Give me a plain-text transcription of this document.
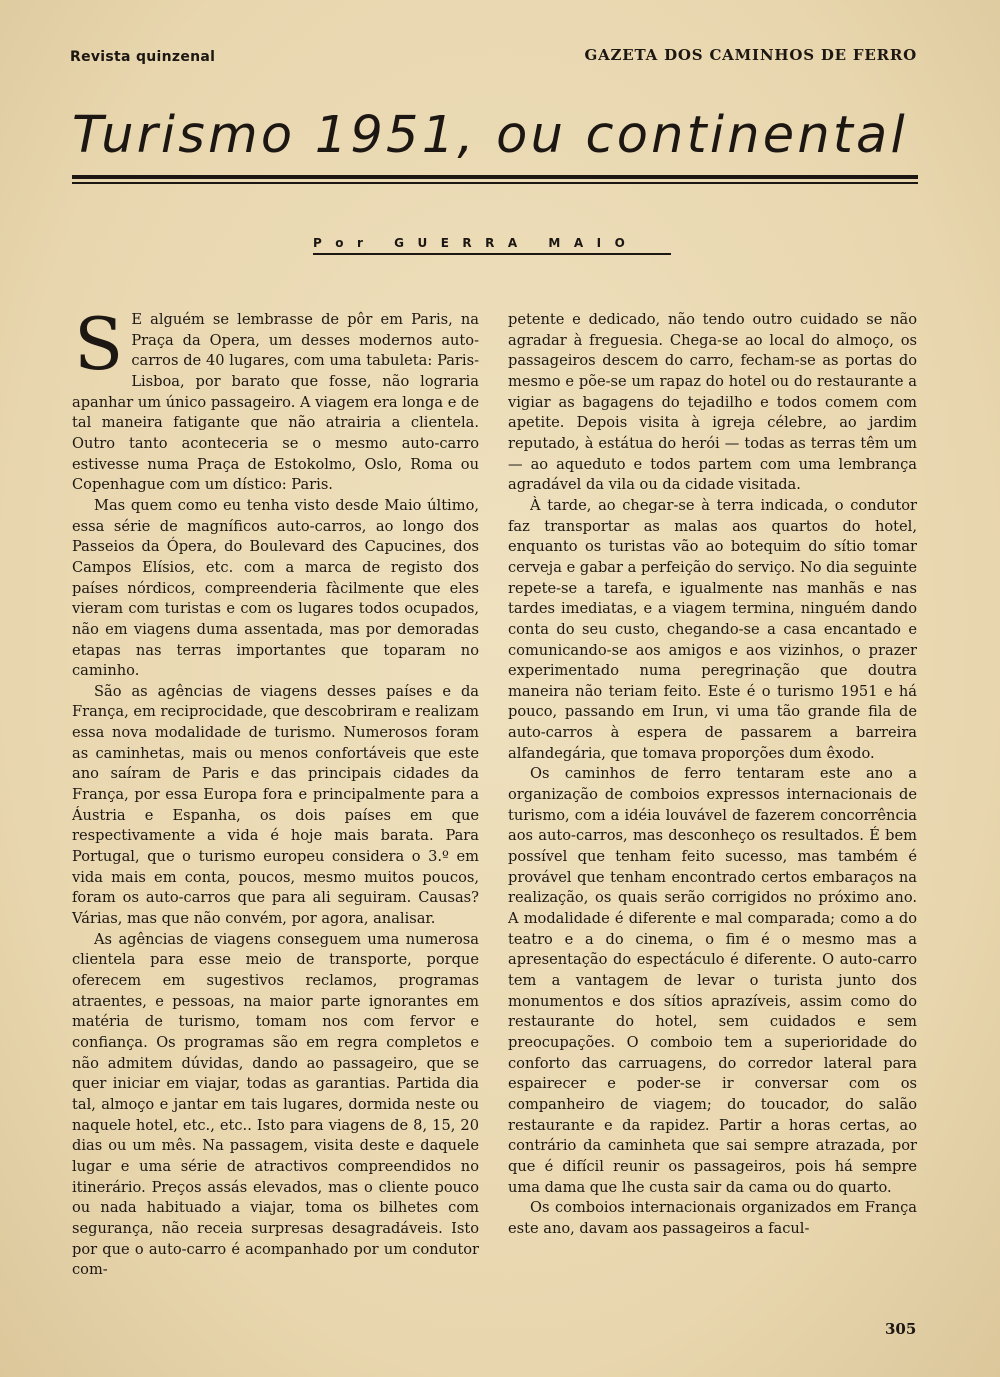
Revista quinzenal	GAZETA DOS CAMINHOS DE FERRO
Turismo 1951, ou continental
Por GUERRA MAIO

S E alguém se lembrasse de pôr em Paris, na Praça da Opera, um desses modernos auto-carros de 40 lugares, com uma tabuleta: Paris-Lisboa, por barato que fosse, não lograria apanhar um único passageiro. A viagem era longa e de tal maneira fatigante que não atrairia a clientela. Outro tanto aconteceria se o mesmo auto-carro estivesse numa Praça de Estokolmo, Oslo, Roma ou Copenhague com um dístico: Paris.

Mas quem como eu tenha visto desde Maio último, essa série de magníficos auto-carros, ao longo dos Passeios da Ópera, do Boulevard des Capucines, dos Campos Elísios, etc. com a marca de registo dos países nórdicos, compreenderia fàcilmente que eles vieram com turistas e com os lugares todos ocupados, não em viagens duma assentada, mas por demoradas etapas nas terras importantes que toparam no caminho.

São as agências de viagens desses países e da França, em reciprocidade, que descobriram e realizam essa nova modalidade de turismo. Numerosos foram as caminhetas, mais ou menos confortáveis que este ano saíram de Paris e das principais cidades da França, por essa Europa fora e principalmente para a Áustria e Espanha, os dois países em que respectivamente a vida é hoje mais barata. Para Portugal, que o turismo europeu considera o 3.º em vida mais em conta, poucos, mesmo muitos poucos, foram os auto-carros que para ali seguiram. Causas? Várias, mas que não convém, por agora, analisar.

As agências de viagens conseguem uma numerosa clientela para esse meio de transporte, porque oferecem em sugestivos reclamos, programas atraentes, e pessoas, na maior parte ignorantes em matéria de turismo, tomam nos com fervor e confiança. Os programas são em regra completos e não admitem dúvidas, dando ao passageiro, que se quer iniciar em viajar, todas as garantias. Partida dia tal, almoço e jantar em tais lugares, dormida neste ou naquele hotel, etc., etc.. Isto para viagens de 8, 15, 20 dias ou um mês. Na passagem, visita deste e daquele lugar e uma série de atractivos compreendidos no itinerário. Preços assás elevados, mas o cliente pouco ou nada habituado a viajar, toma os bilhetes com segurança, não receia surpresas desagradáveis. Isto por que o auto-carro é acompanhado por um condutor com-

petente e dedicado, não tendo outro cuidado se não agradar à freguesia. Chega-se ao local do almoço, os passageiros descem do carro, fecham-se as portas do mesmo e põe-se um rapaz do hotel ou do restaurante a vigiar as bagagens do tejadilho e todos comem com apetite. Depois visita à igreja célebre, ao jardim reputado, à estátua do herói — todas as terras têm um — ao aqueduto e todos partem com uma lembrança agradável da vila ou da cidade visitada.

À tarde, ao chegar-se à terra indicada, o condutor faz transportar as malas aos quartos do hotel, enquanto os turistas vão ao botequim do sítio tomar cerveja e gabar a perfeição do serviço. No dia seguinte repete-se a tarefa, e igualmente nas manhãs e nas tardes imediatas, e a viagem termina, ninguém dando conta do seu custo, chegando-se a casa encantado e comunicando-se aos amigos e aos vizinhos, o prazer experimentado numa peregrinação que doutra maneira não teriam feito. Este é o turismo 1951 e há pouco, passando em Irun, vi uma tão grande fila de auto-carros à espera de passarem a barreira alfandegária, que tomava proporções dum êxodo.

Os caminhos de ferro tentaram este ano a organização de comboios expressos internacionais de turismo, com a idéia louvável de fazerem concorrência aos auto-carros, mas desconheço os resultados. É bem possível que tenham feito sucesso, mas também é provável que tenham encontrado certos embaraços na realização, os quais serão corrigidos no próximo ano. A modalidade é diferente e mal comparada; como a do teatro e a do cinema, o fim é o mesmo mas a apresentação do espectáculo é diferente. O auto-carro tem a vantagem de levar o turista junto dos monumentos e dos sítios aprazíveis, assim como do restaurante do hotel, sem cuidados e sem preocupações. O comboio tem a superioridade do conforto das carruagens, do corredor lateral para espairecer e poder-se ir conversar com os companheiro de viagem; do toucador, do salão restaurante e da rapidez. Partir a horas certas, ao contrário da caminheta que sai sempre atrazada, por que é difícil reunir os passageiros, pois há sempre uma dama que lhe custa sair da cama ou do quarto.

Os comboios internacionais organizados em França este ano, davam aos passageiros a facul-

305
